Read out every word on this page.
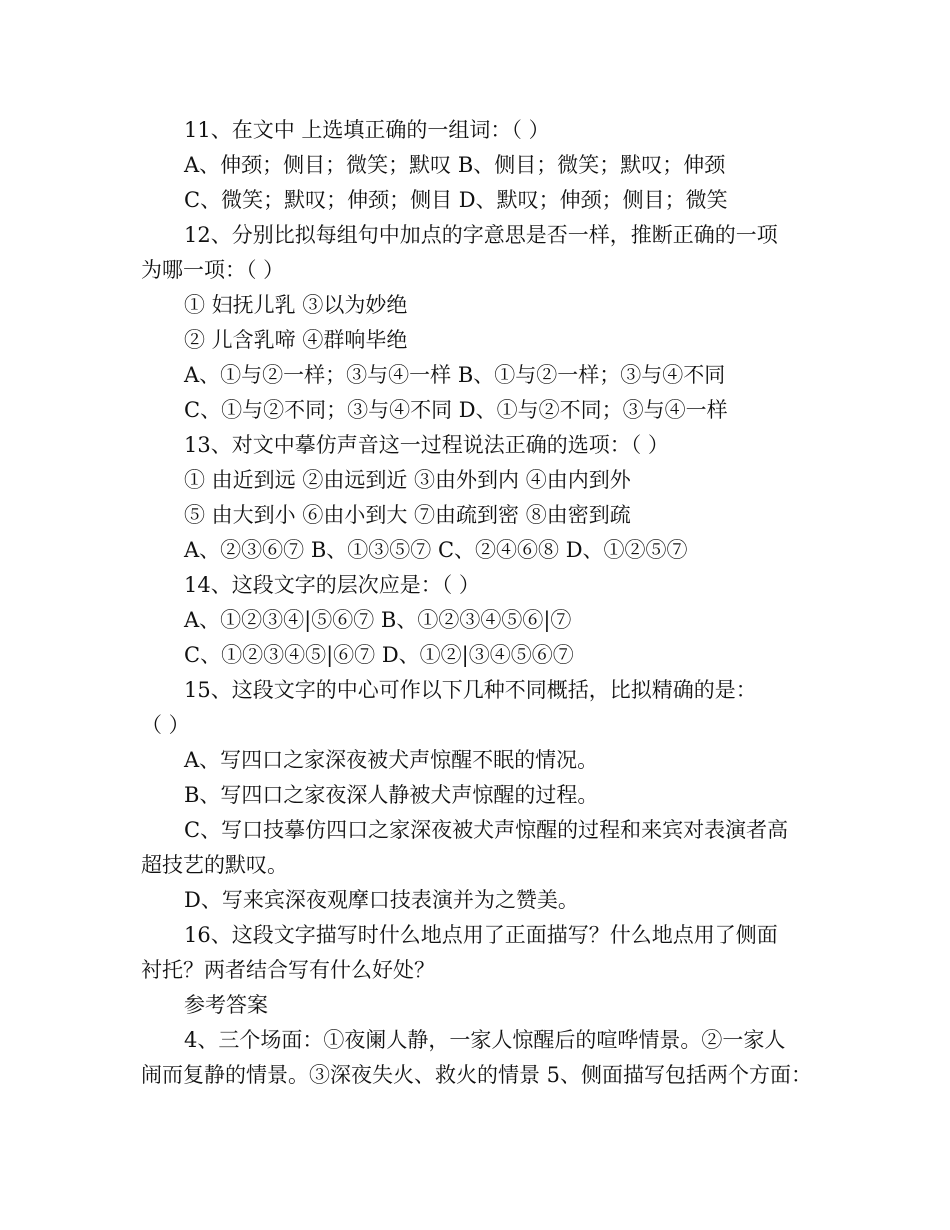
11、在文中 上选填正确的一组词：（ ）
A、伸颈；侧目；微笑；默叹 B、侧目；微笑；默叹；伸颈
C、微笑；默叹；伸颈；侧目 D、默叹；伸颈；侧目；微笑
12、分别比拟每组句中加点的字意思是否一样，推断正确的一项
为哪一项：（ ）
① 妇抚儿乳 ③以为妙绝
② 儿含乳啼 ④群响毕绝
A、①与②一样；③与④一样 B、①与②一样；③与④不同
C、①与②不同；③与④不同 D、①与②不同；③与④一样
13、对文中摹仿声音这一过程说法正确的选项：（ ）
① 由近到远 ②由远到近 ③由外到内 ④由内到外
⑤ 由大到小 ⑥由小到大 ⑦由疏到密 ⑧由密到疏
A、②③⑥⑦ B、①③⑤⑦ C、②④⑥⑧ D、①②⑤⑦
14、这段文字的层次应是：（ ）
A、①②③④|⑤⑥⑦ B、①②③④⑤⑥|⑦
C、①②③④⑤|⑥⑦ D、①②|③④⑤⑥⑦
15、这段文字的中心可作以下几种不同概括，比拟精确的是：
（ ）
A、写四口之家深夜被犬声惊醒不眠的情况。
B、写四口之家夜深人静被犬声惊醒的过程。
C、写口技摹仿四口之家深夜被犬声惊醒的过程和来宾对表演者高
超技艺的默叹。
D、写来宾深夜观摩口技表演并为之赞美。
16、这段文字描写时什么地点用了正面描写？什么地点用了侧面
衬托？两者结合写有什么好处？
参考答案
4、三个场面：①夜阑人静，一家人惊醒后的喧哗情景。②一家人
闹而复静的情景。③深夜失火、救火的情景 5、侧面描写包括两个方面：
